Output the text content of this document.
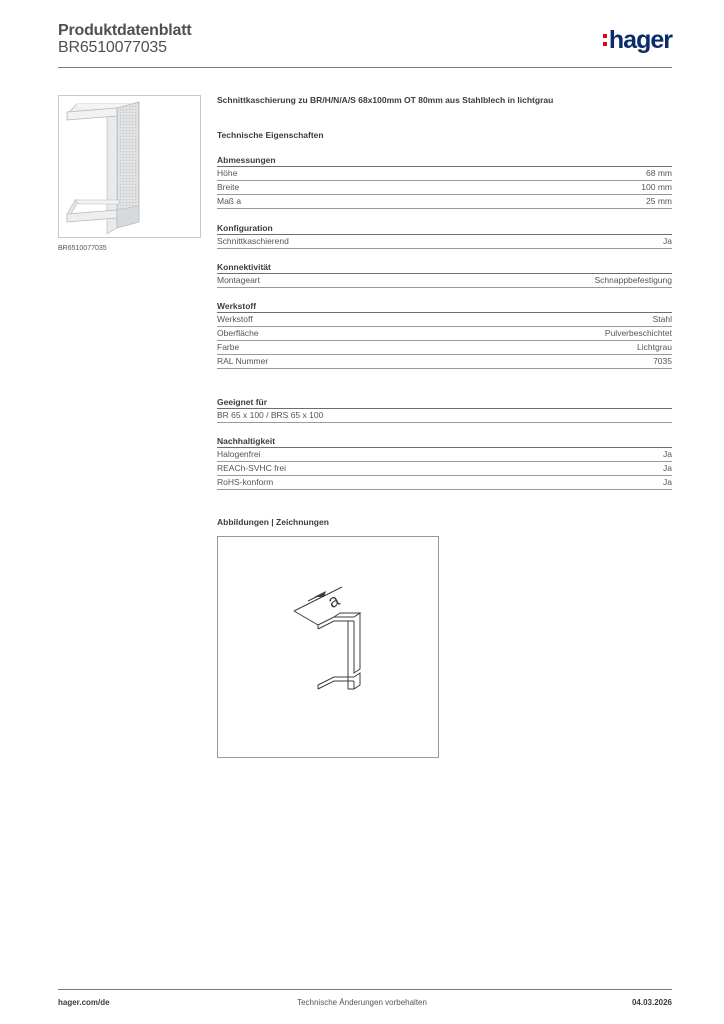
Produktdatenblatt
BR6510077035	hager
BR6510077035
Schnittkaschierung zu BR/H/N/A/S 68x100mm OT 80mm aus Stahlblech in lichtgrau
Technische Eigenschaften
Abmessungen
Höhe	68 mm
Breite	100 mm
Maß a	25 mm
Konfiguration
Schnittkaschierend	Ja
Konnektivität
Montageart	Schnappbefestigung
Werkstoff
Werkstoff	Stahl
Oberfläche	Pulverbeschichtet
Farbe	Lichtgrau
RAL Nummer	7035
Geeignet für
BR 65 x 100 / BRS 65 x 100
Nachhaltigkeit
Halogenfrei	Ja
REACh-SVHC frei	Ja
RoHS-konform	Ja
Abbildungen | Zeichnungen
a
hager.com/de	Technische Änderungen vorbehalten	04.03.2026
